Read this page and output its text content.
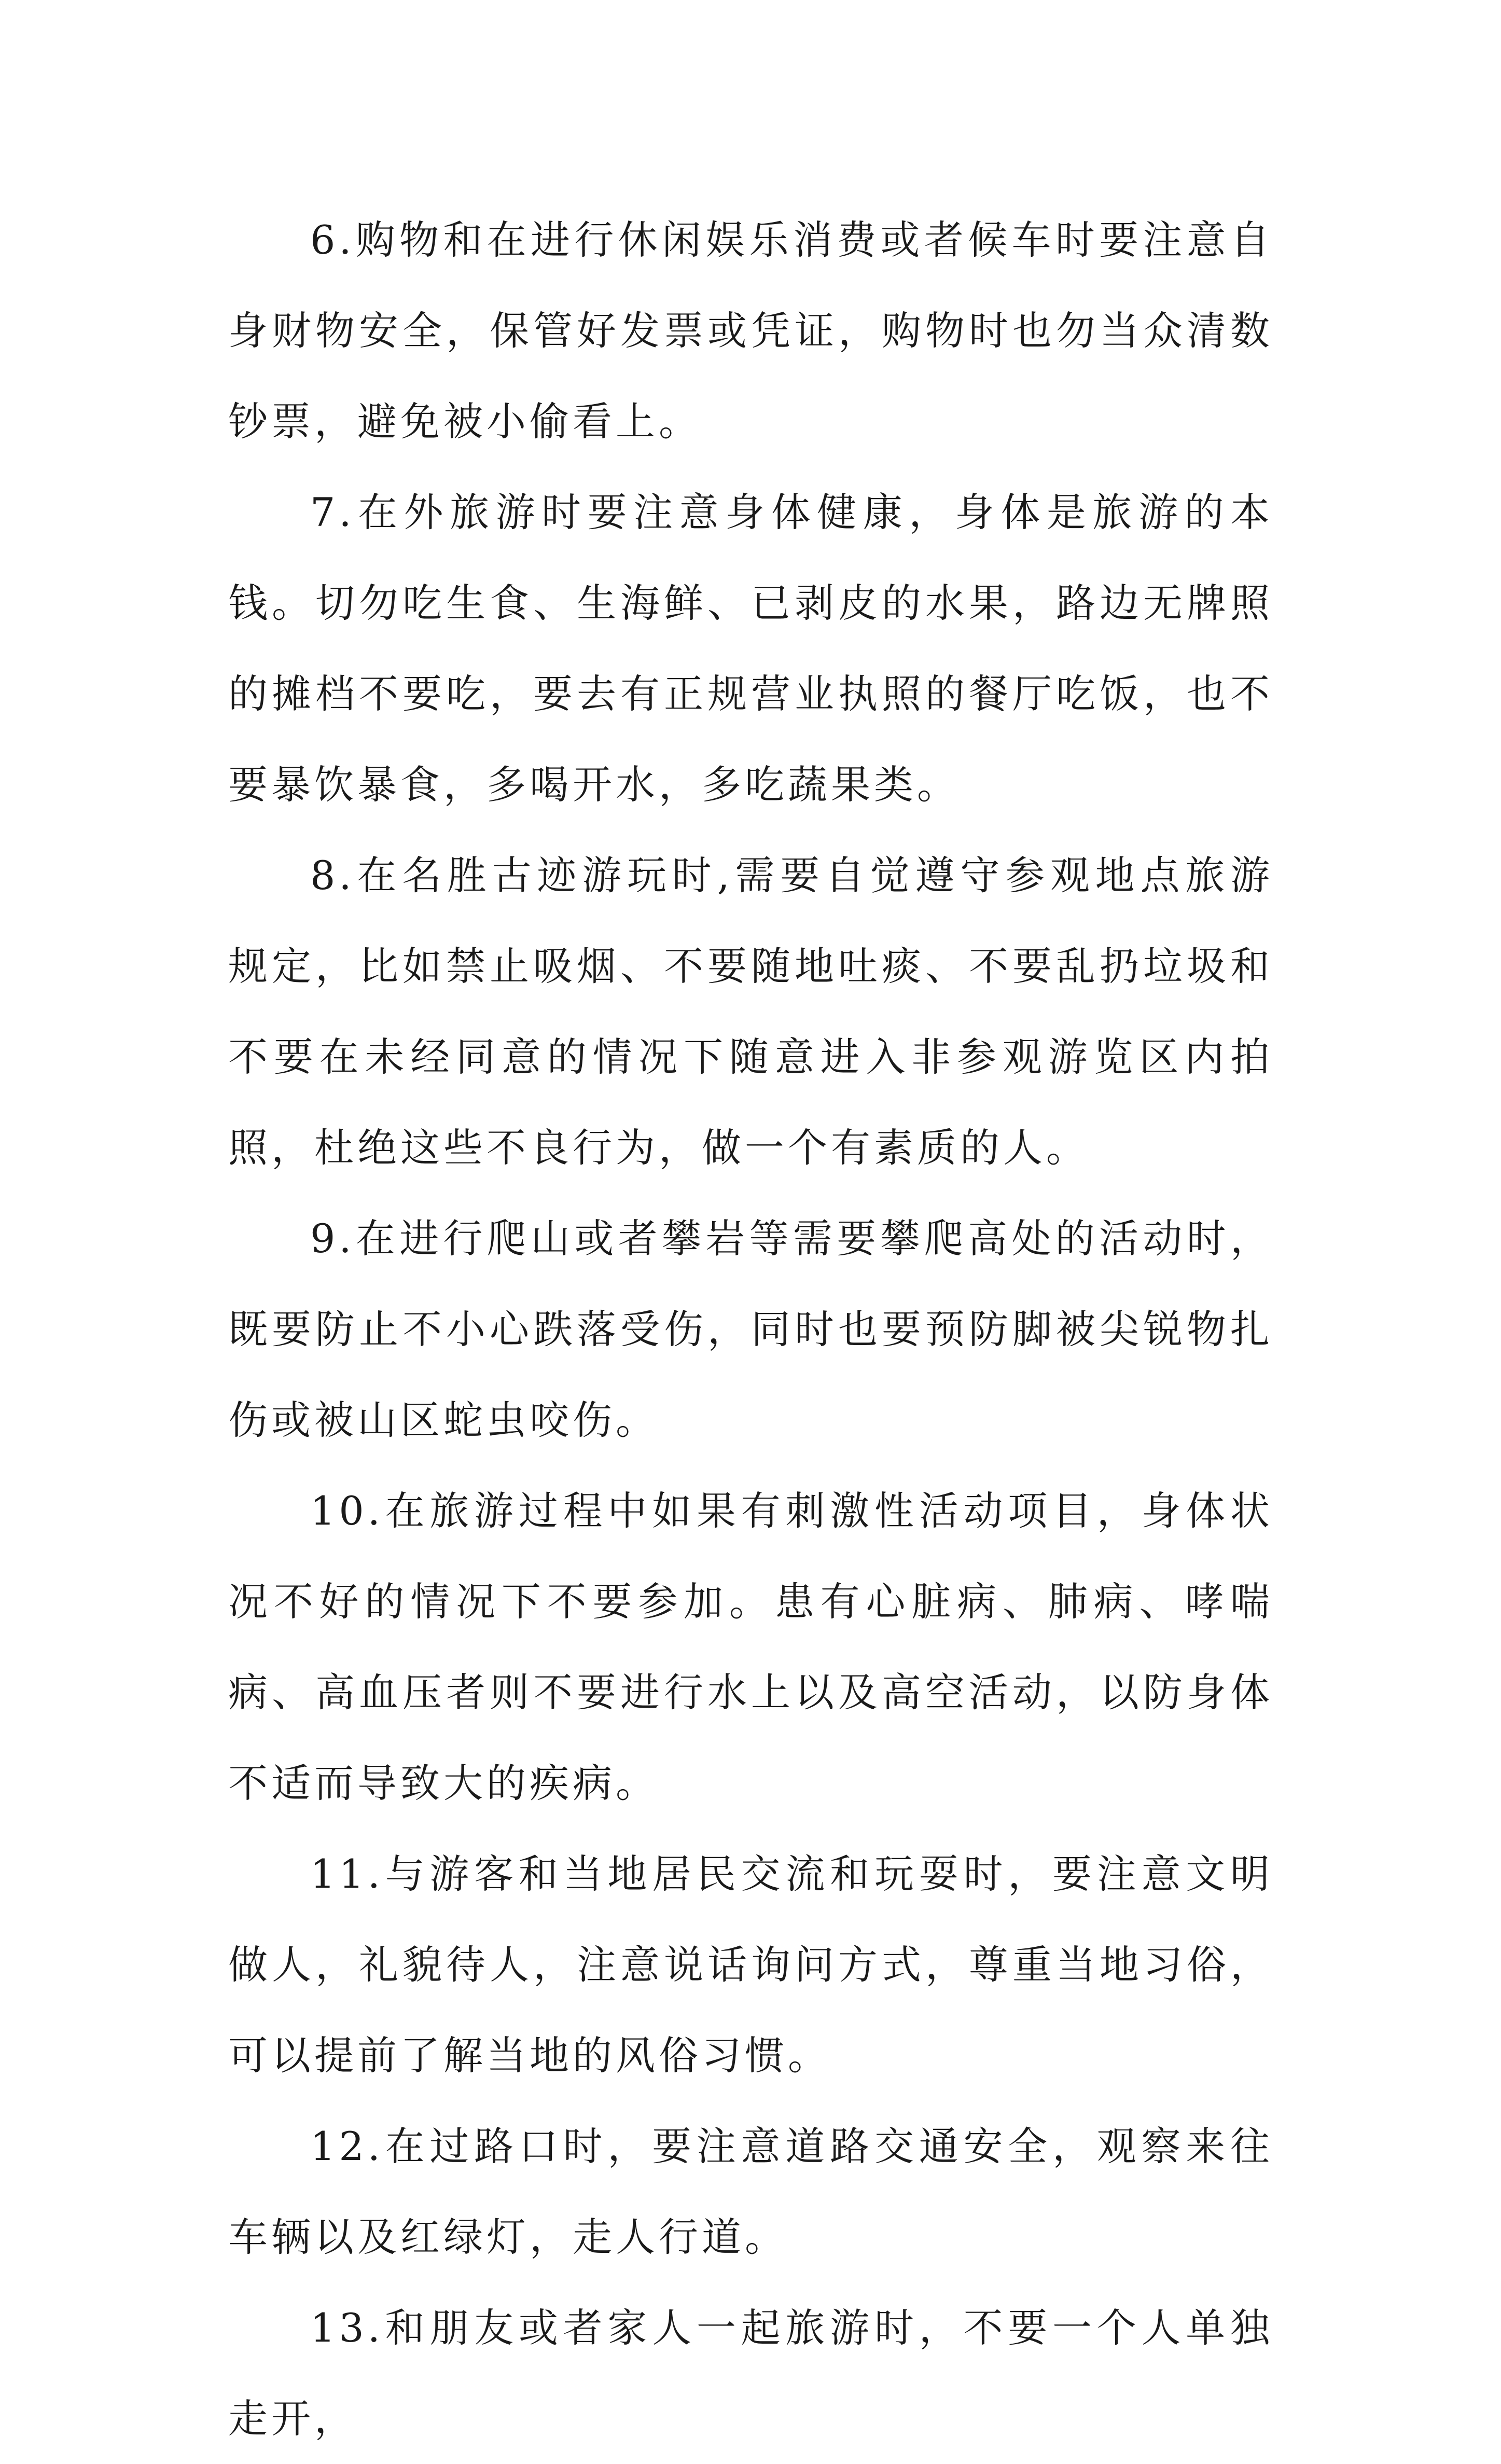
6.购物和在进行休闲娱乐消费或者候车时要注意自身财物安全，保管好发票或凭证，购物时也勿当众清数钞票，避免被小偷看上。

7.在外旅游时要注意身体健康，身体是旅游的本钱。切勿吃生食、生海鲜、已剥皮的水果，路边无牌照的摊档不要吃，要去有正规营业执照的餐厅吃饭，也不要暴饮暴食，多喝开水，多吃蔬果类。

8.在名胜古迹游玩时,需要自觉遵守参观地点旅游规定，比如禁止吸烟、不要随地吐痰、不要乱扔垃圾和不要在未经同意的情况下随意进入非参观游览区内拍照，杜绝这些不良行为，做一个有素质的人。

9.在进行爬山或者攀岩等需要攀爬高处的活动时，既要防止不小心跌落受伤，同时也要预防脚被尖锐物扎伤或被山区蛇虫咬伤。

10.在旅游过程中如果有刺激性活动项目，身体状况不好的情况下不要参加。患有心脏病、肺病、哮喘病、高血压者则不要进行水上以及高空活动，以防身体不适而导致大的疾病。

11.与游客和当地居民交流和玩耍时，要注意文明做人，礼貌待人，注意说话询问方式，尊重当地习俗，可以提前了解当地的风俗习惯。

12.在过路口时，要注意道路交通安全，观察来往车辆以及红绿灯，走人行道。

13.和朋友或者家人一起旅游时，不要一个人单独走开，
